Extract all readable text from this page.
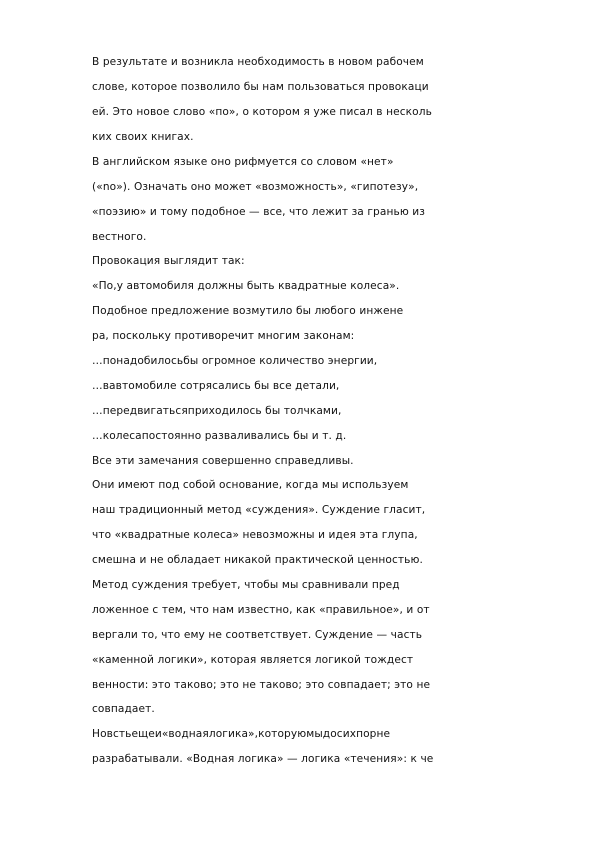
В результате и возникла необходимость в новом рабочем
слове, которое позволило бы нам пользоваться провокаци
ей. Это новое слово «по», о котором я уже писал в несколь
ких своих книгах.
В английском языке оно рифмуется со словом «нет»
(«no»). Означать оно может «возможность», «гипотезу»,
«поэзию» и тому подобное — все, что лежит за гранью из
вестного.
Провокация выглядит так:
«По,у автомобиля должны быть квадратные колеса».
Подобное предложение возмутило бы любого инжене
ра, поскольку противоречит многим законам:
…понадобилосьбы огромное количество энергии,
…вавтомобиле сотрясались бы все детали,
…передвигатьсяприходилось бы толчками,
…колесапостоянно разваливались бы и т. д.
Все эти замечания совершенно справедливы.
Они имеют под собой основание, когда мы используем
наш традиционный метод «суждения». Суждение гласит,
что «квадратные колеса» невозможны и идея эта глупа,
смешна и не обладает никакой практической ценностью.
Метод суждения требует, чтобы мы сравнивали пред
ложенное с тем, что нам известно, как «правильное», и от
вергали то, что ему не соответствует. Суждение — часть
«каменной логики», которая является логикой тождест
венности: это таково; это не таково; это совпадает; это не
совпадает.
Новстьещеи«воднаялогика»,которуюмыдосихпорне
разрабатывали. «Водная логика» — логика «течения»: к че
